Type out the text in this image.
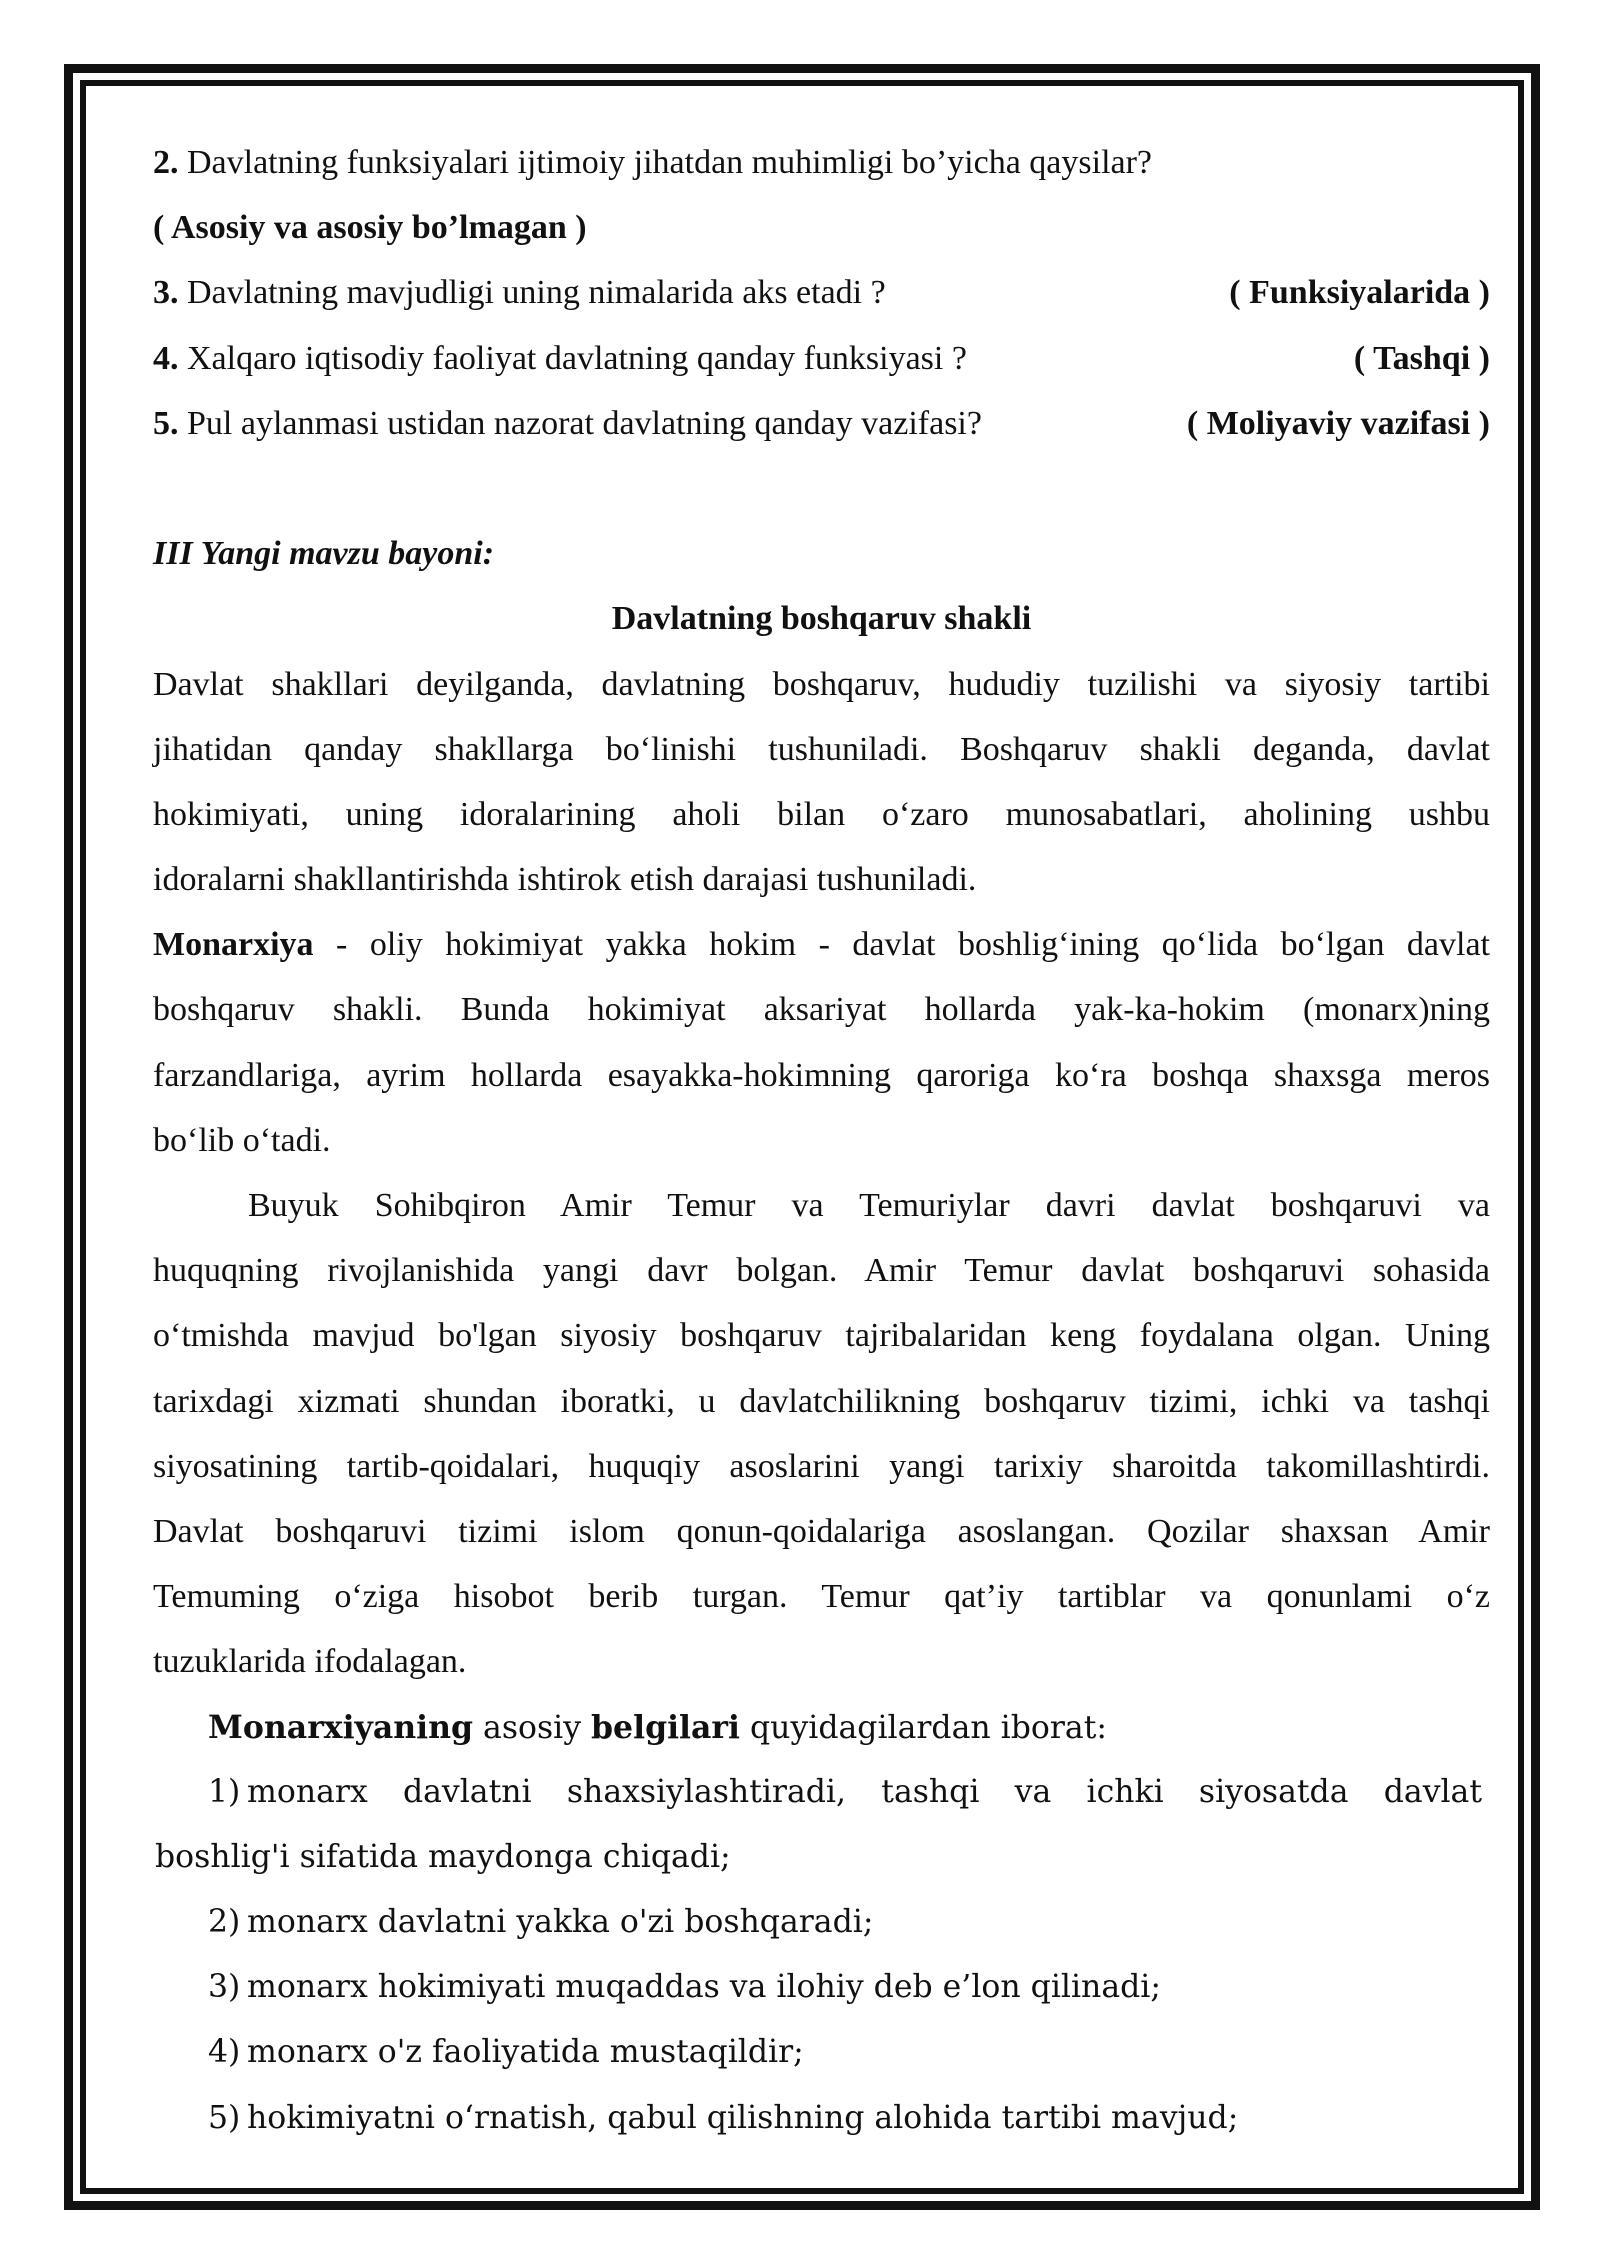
2. Davlatning funksiyalari ijtimoiy jihatdan muhimligi bo’yicha qaysilar?
( Asosiy va asosiy bo’lmagan )
3. Davlatning mavjudligi uning nimalarida aks etadi ?	( Funksiyalarida )
4. Xalqaro iqtisodiy faoliyat davlatning qanday funksiyasi ?	( Tashqi )
5. Pul aylanmasi ustidan nazorat davlatning qanday vazifasi?	( Moliyaviy vazifasi )
III Yangi mavzu bayoni:
Davlatning boshqaruv shakli
Davlat shakllari deyilganda, davlatning boshqaruv, hududiy tuzilishi va siyosiy tartibi
jihatidan qanday shakllarga bo‘linishi tushuniladi. Boshqaruv shakli deganda, davlat
hokimiyati, uning idoralarining aholi bilan o‘zaro munosabatlari, aholining ushbu
idoralarni shakllantirishda ishtirok etish darajasi tushuniladi.
Monarxiya - oliy hokimiyat yakka hokim - davlat boshlig‘ining qo‘lida bo‘lgan davlat
boshqaruv shakli. Bunda hokimiyat aksariyat hollarda yak-ka-hokim (monarx)ning
farzandlariga, ayrim hollarda esayakka-hokimning qaroriga ko‘ra boshqa shaxsga meros
bo‘lib o‘tadi.
Buyuk Sohibqiron Amir Temur va Temuriylar davri davlat boshqaruvi va
huquqning rivojlanishida yangi davr bolgan. Amir Temur davlat boshqaruvi sohasida
o‘tmishda mavjud bo'lgan siyosiy boshqaruv tajribalaridan keng foydalana olgan. Uning
tarixdagi xizmati shundan iboratki, u davlatchilikning boshqaruv tizimi, ichki va tashqi
siyosatining tartib-qoidalari, huquqiy asoslarini yangi tarixiy sharoitda takomillashtirdi.
Davlat boshqaruvi tizimi islom qonun-qoidalariga asoslangan. Qozilar shaxsan Amir
Temuming o‘ziga hisobot berib turgan. Temur qat’iy tartiblar va qonunlami o‘z
tuzuklarida ifodalagan.
Monarxiyaning asosiy belgilari quyidagilardan iborat:
1) monarx davlatni shaxsiylashtiradi, tashqi va ichki siyosatda davlat
boshlig'i sifatida maydonga chiqadi;
2) monarx davlatni yakka o'zi boshqaradi;
3) monarx hokimiyati muqaddas va ilohiy deb e’lon qilinadi;
4) monarx o'z faoliyatida mustaqildir;
5) hokimiyatni o‘rnatish, qabul qilishning alohida tartibi mavjud;
